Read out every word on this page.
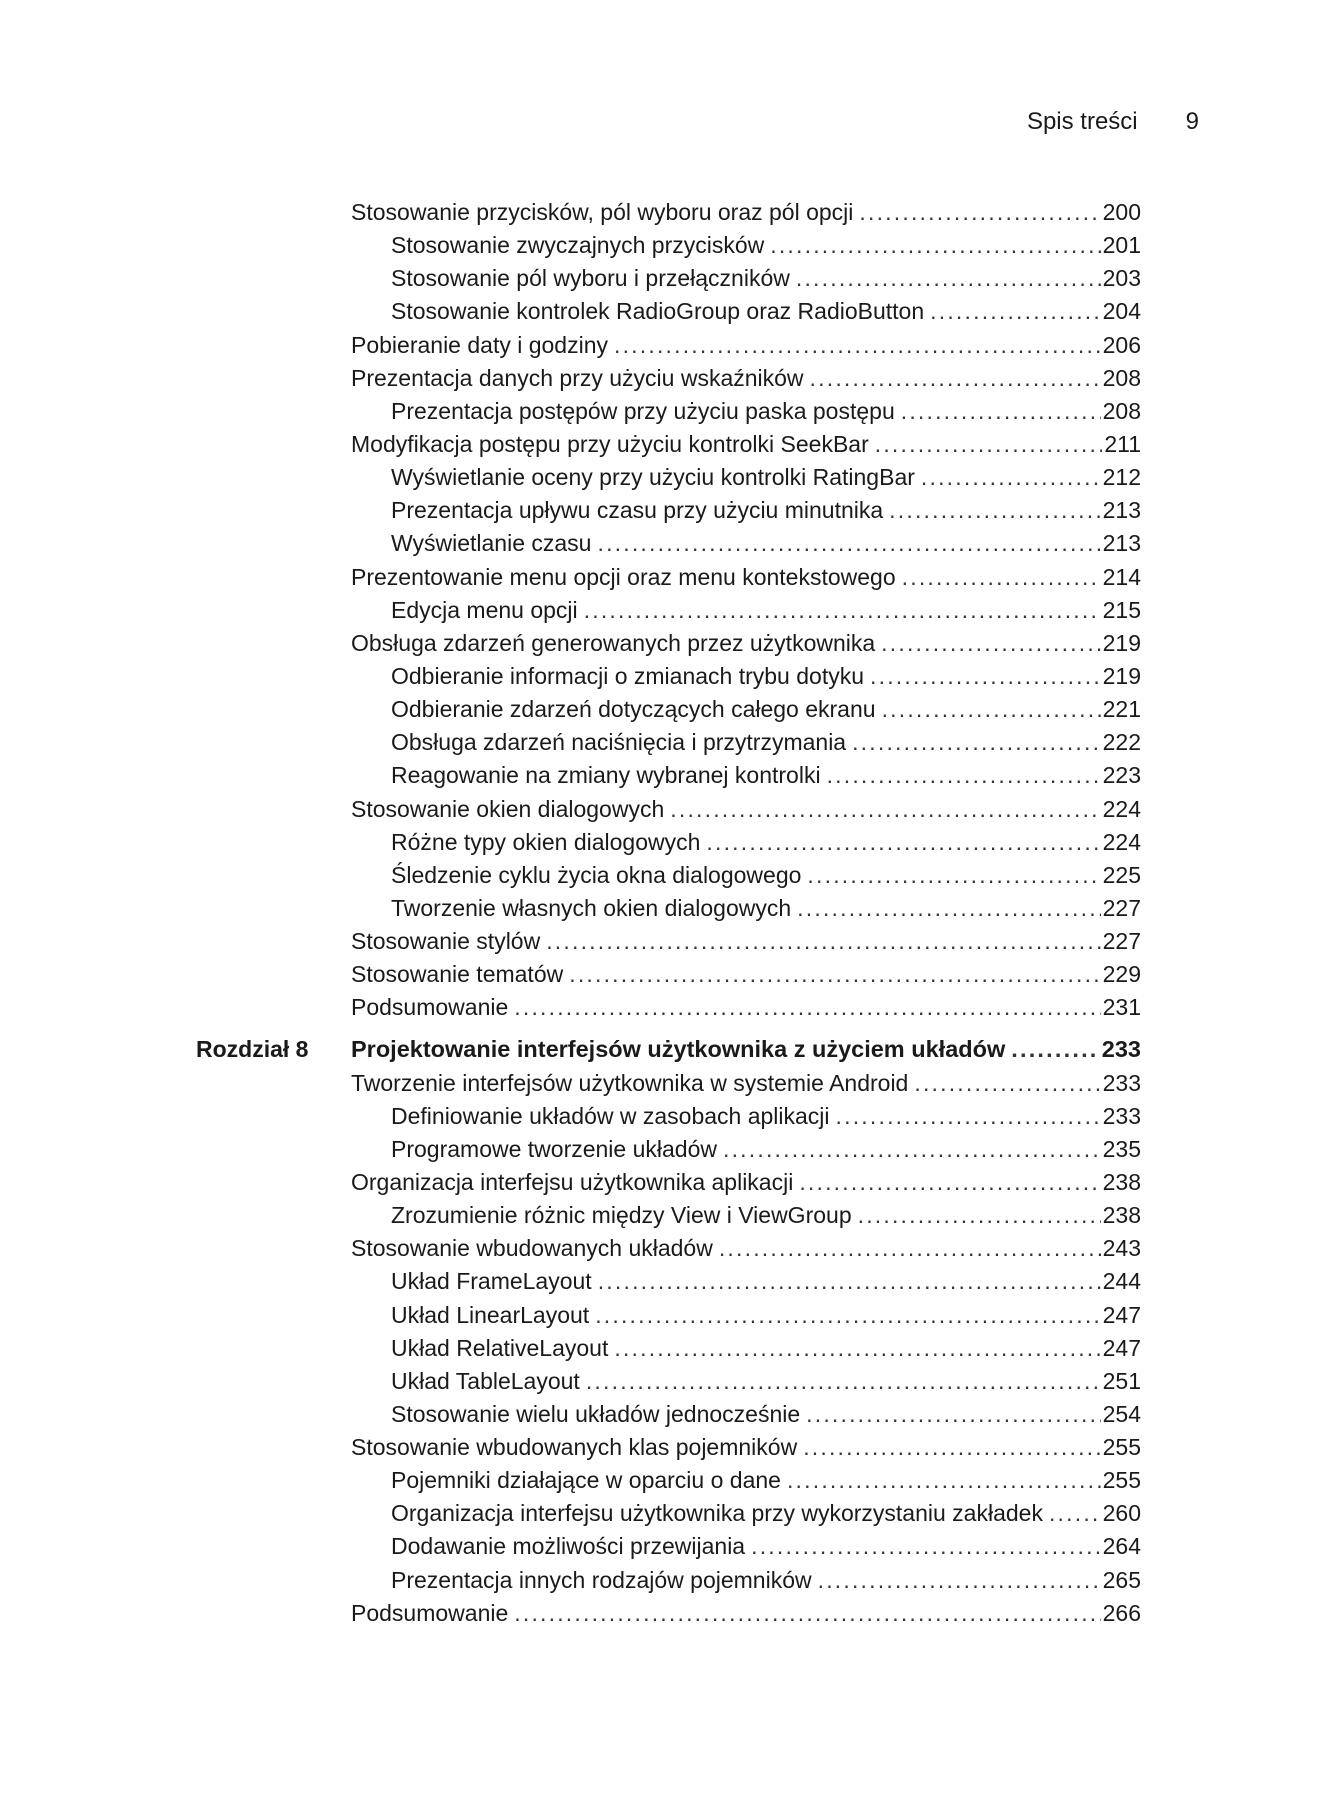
Spis treści 9
Stosowanie przycisków, pól wyboru oraz pól opcji .....	200
Stosowanie zwyczajnych przycisków .....	201
Stosowanie pól wyboru i przełączników .....	203
Stosowanie kontrolek RadioGroup oraz RadioButton .....	204
Pobieranie daty i godziny .....	206
Prezentacja danych przy użyciu wskaźników .....	208
Prezentacja postępów przy użyciu paska postępu .....	208
Modyfikacja postępu przy użyciu kontrolki SeekBar .....	211
Wyświetlanie oceny przy użyciu kontrolki RatingBar .....	212
Prezentacja upływu czasu przy użyciu minutnika .....	213
Wyświetlanie czasu .....	213
Prezentowanie menu opcji oraz menu kontekstowego .....	214
Edycja menu opcji .....	215
Obsługa zdarzeń generowanych przez użytkownika .....	219
Odbieranie informacji o zmianach trybu dotyku .....	219
Odbieranie zdarzeń dotyczących całego ekranu .....	221
Obsługa zdarzeń naciśnięcia i przytrzymania .....	222
Reagowanie na zmiany wybranej kontrolki .....	223
Stosowanie okien dialogowych .....	224
Różne typy okien dialogowych .....	224
Śledzenie cyklu życia okna dialogowego .....	225
Tworzenie własnych okien dialogowych .....	227
Stosowanie stylów .....	227
Stosowanie tematów .....	229
Podsumowanie .....	231
Rozdział 8 Projektowanie interfejsów użytkownika z użyciem układów .....	233
Tworzenie interfejsów użytkownika w systemie Android .....	233
Definiowanie układów w zasobach aplikacji .....	233
Programowe tworzenie układów .....	235
Organizacja interfejsu użytkownika aplikacji .....	238
Zrozumienie różnic między View i ViewGroup .....	238
Stosowanie wbudowanych układów .....	243
Układ FrameLayout .....	244
Układ LinearLayout .....	247
Układ RelativeLayout .....	247
Układ TableLayout .....	251
Stosowanie wielu układów jednocześnie .....	254
Stosowanie wbudowanych klas pojemników .....	255
Pojemniki działające w oparciu o dane .....	255
Organizacja interfejsu użytkownika przy wykorzystaniu zakładek .....	260
Dodawanie możliwości przewijania .....	264
Prezentacja innych rodzajów pojemników .....	265
Podsumowanie .....	266
